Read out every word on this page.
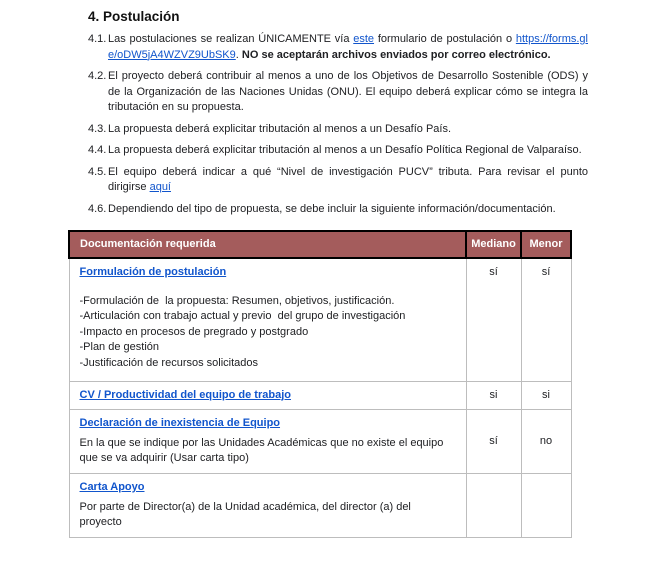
4. Postulación
4.1. Las postulaciones se realizan ÚNICAMENTE vía este formulario de postulación o https://forms.gle/oDW5jA4WZVZ9UbSK9. NO se aceptarán archivos enviados por correo electrónico.
4.2. El proyecto deberá contribuir al menos a uno de los Objetivos de Desarrollo Sostenible (ODS) y de la Organización de las Naciones Unidas (ONU). El equipo deberá explicar cómo se integra la tributación en su propuesta.
4.3. La propuesta deberá explicitar tributación al menos a un Desafío País.
4.4. La propuesta deberá explicitar tributación al menos a un Desafío Política Regional de Valparaíso.
4.5. El equipo deberá indicar a qué “Nivel de investigación PUCV” tributa. Para revisar el punto dirigirse aquí
4.6. Dependiendo del tipo de propuesta, se debe incluir la siguiente información/documentación.
Documentación requerida	Mediano	Menor

Formulación de postulación
-Formulación de  la propuesta: Resumen, objetivos, justificación.
-Articulación con trabajo actual y previo  del grupo de investigación
-Impacto en procesos de pregrado y postgrado
-Plan de gestión
-Justificación de recursos solicitados
	sí	sí

CV / Productividad del equipo de trabajo	si	si

Declaración de inexistencia de Equipo

En la que se indique por las Unidades Académicas que no existe el equipo que se va adquirir (Usar carta tipo)	sí	no

Carta Apoyo

Por parte de Director(a) de la Unidad académica, del director (a) del proyecto		
